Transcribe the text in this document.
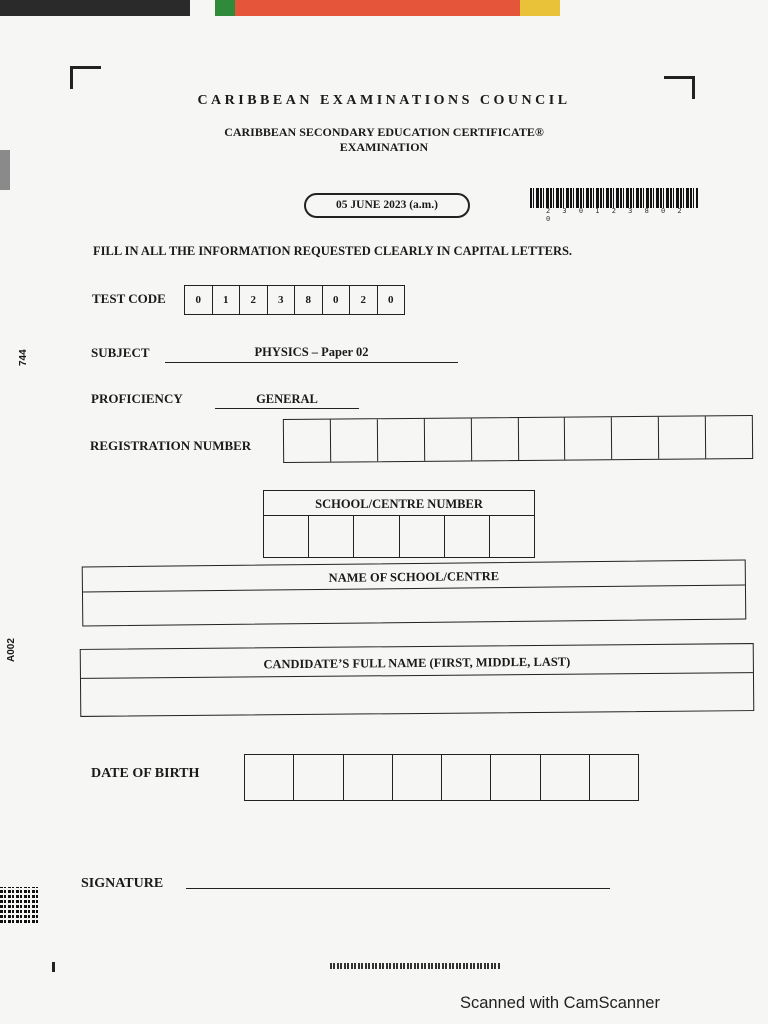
CARIBBEAN EXAMINATIONS COUNCIL
CARIBBEAN SECONDARY EDUCATION CERTIFICATE®
EXAMINATION
05 JUNE 2023 (a.m.)	2 3 0 1 2 3 8 0 2 0
FILL IN ALL THE INFORMATION REQUESTED CLEARLY IN CAPITAL LETTERS.
TEST CODE	0	1	2	3	8	0	2	0
SUBJECT	PHYSICS – Paper 02
PROFICIENCY	GENERAL
REGISTRATION NUMBER
SCHOOL/CENTRE NUMBER
NAME OF SCHOOL/CENTRE
CANDIDATE’S FULL NAME (FIRST, MIDDLE, LAST)
DATE OF BIRTH
SIGNATURE
744
A002
Scanned with CamScanner
